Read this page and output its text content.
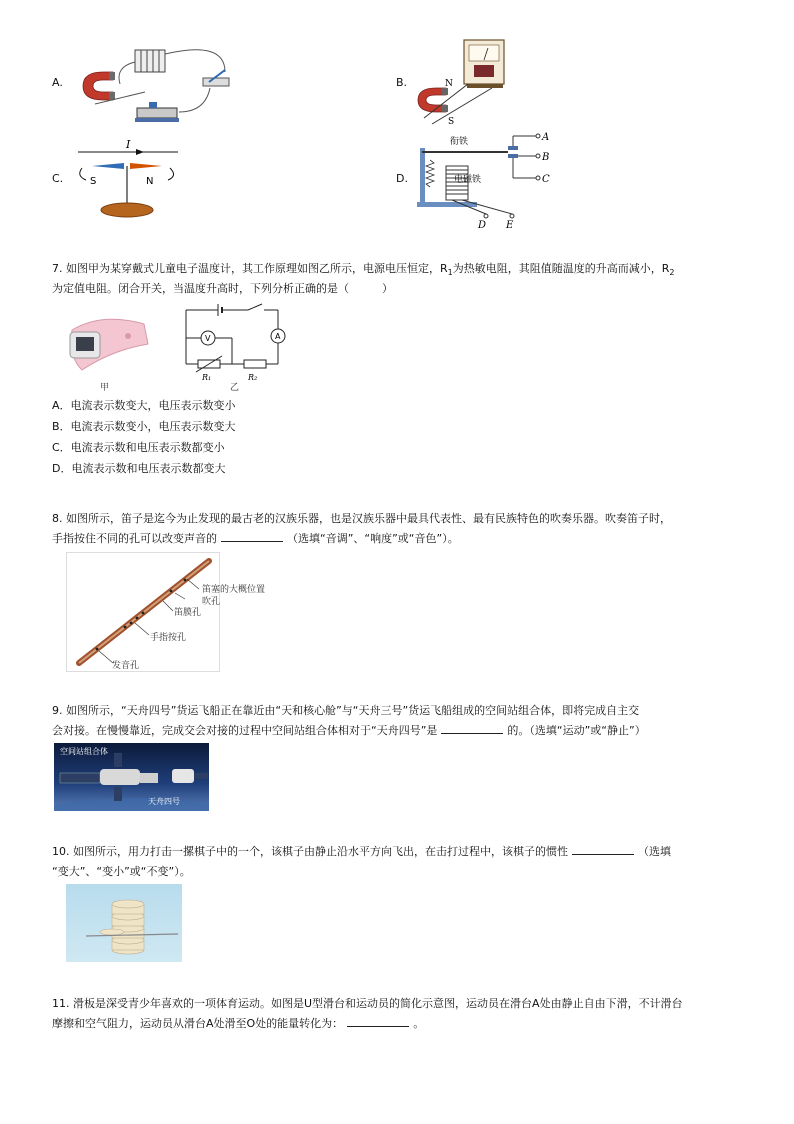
A.	B.	N
S
C.
I
S	N	D.
衔铁
电磁铁
A
B
C
D E
7. 如图甲为某穿戴式儿童电子温度计，其工作原理如图乙所示，电源电压恒定，$R_1$为热敏电阻，其阻值随温度的升高而减小，$R_2$
为定值电阻。闭合开关，当温度升高时，下列分析正确的是（　　　）
甲
V	A
R₁	R₂
乙
A．电流表示数变大，电压表示数变小
B．电流表示数变小，电压表示数变大
C．电流表示数和电压表示数都变小
D．电流表示数和电压表示数都变大
8. 如图所示，笛子是迄今为止发现的最古老的汉族乐器，也是汉族乐器中最具代表性、最有民族特色的吹奏乐器。吹奏笛子时，
手指按住不同的孔可以改变声音的	（选填“音调”、“响度”或“音色”）。
笛塞的大概位置
吹孔
笛膜孔
手指按孔
发音孔
9. 如图所示，“天舟四号”货运飞船正在靠近由“天和核心舱”与“天舟三号”货运飞船组成的空间站组合体，即将完成自主交
会对接。在慢慢靠近，完成交会对接的过程中空间站组合体相对于“天舟四号”是	的。（选填“运动”或“静止”）
空间站组合体
天舟四号
10. 如图所示，用力打击一摞棋子中的一个，该棋子由静止沿水平方向飞出，在击打过程中，该棋子的惯性	（选填
“变大”、“变小”或“不变”）。
11. 滑板是深受青少年喜欢的一项体育运动。如图是U型滑台和运动员的简化示意图，运动员在滑台A处由静止自由下滑，不计滑台
摩擦和空气阻力，运动员从滑台A处滑至O处的能量转化为：	。
